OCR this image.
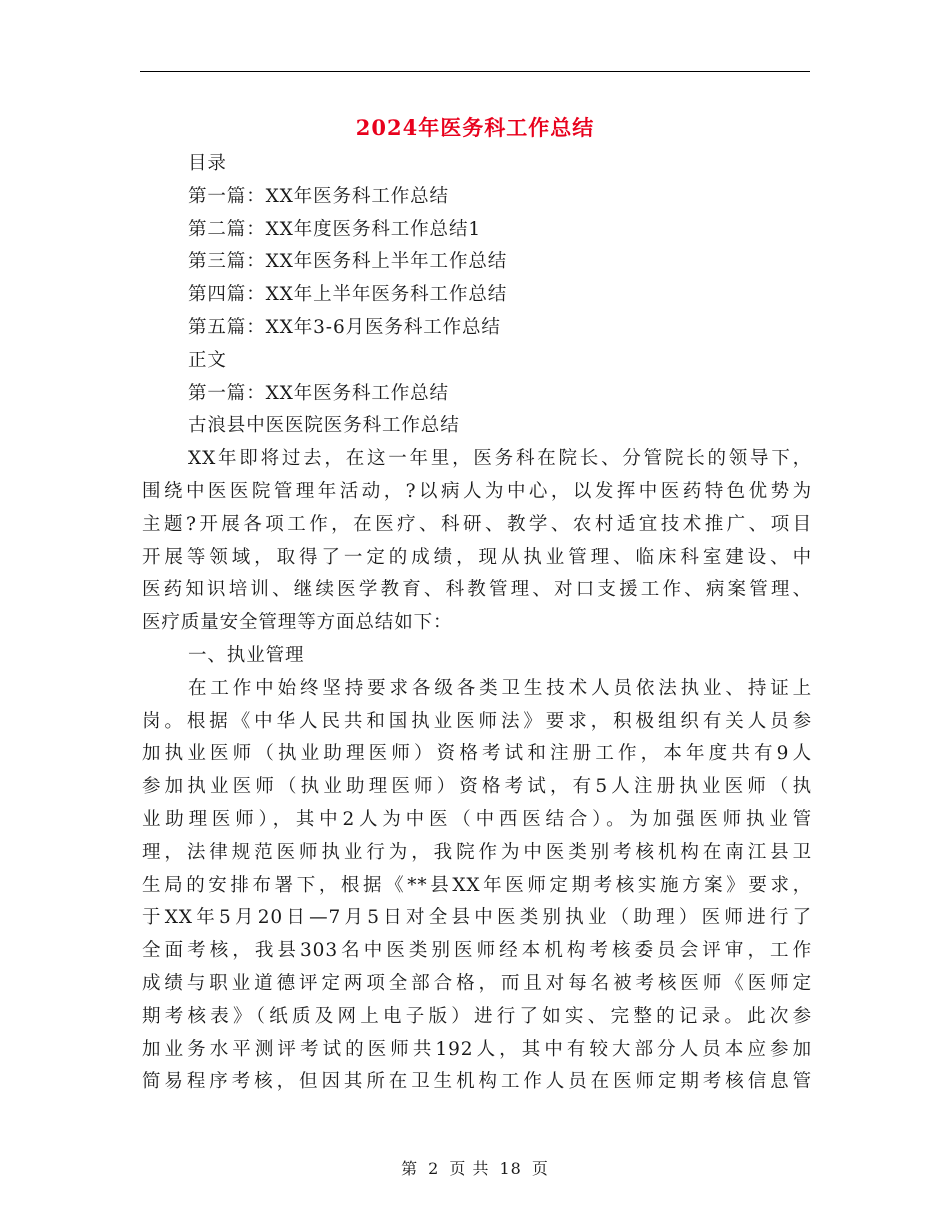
2024年医务科工作总结

目录

第一篇：XX年医务科工作总结

第二篇：XX年度医务科工作总结1

第三篇：XX年医务科上半年工作总结

第四篇：XX年上半年医务科工作总结

第五篇：XX年3-6月医务科工作总结

正文

第一篇：XX年医务科工作总结

古浪县中医医院医务科工作总结

XX年即将过去，在这一年里，医务科在院长、分管院长的领导下，

围绕中医医院管理年活动，?以病人为中心，以发挥中医药特色优势为

主题?开展各项工作，在医疗、科研、教学、农村适宜技术推广、项目

开展等领域，取得了一定的成绩，现从执业管理、临床科室建设、中

医药知识培训、继续医学教育、科教管理、对口支援工作、病案管理、

医疗质量安全管理等方面总结如下：

一、执业管理

在工作中始终坚持要求各级各类卫生技术人员依法执业、持证上

岗。根据《中华人民共和国执业医师法》要求，积极组织有关人员参

加执业医师（执业助理医师）资格考试和注册工作，本年度共有9人

参加执业医师（执业助理医师）资格考试，有5人注册执业医师（执

业助理医师），其中2人为中医（中西医结合）。为加强医师执业管

理，法律规范医师执业行为，我院作为中医类别考核机构在南江县卫

生局的安排布署下，根据《**县XX年医师定期考核实施方案》要求，

于XX年5月20日—7月5日对全县中医类别执业（助理）医师进行了

全面考核，我县303名中医类别医师经本机构考核委员会评审，工作

成绩与职业道德评定两项全部合格，而且对每名被考核医师《医师定

期考核表》（纸质及网上电子版）进行了如实、完整的记录。此次参

加业务水平测评考试的医师共192人，其中有较大部分人员本应参加

简易程序考核，但因其所在卫生机构工作人员在医师定期考核信息管

第 2 页 共 18 页
